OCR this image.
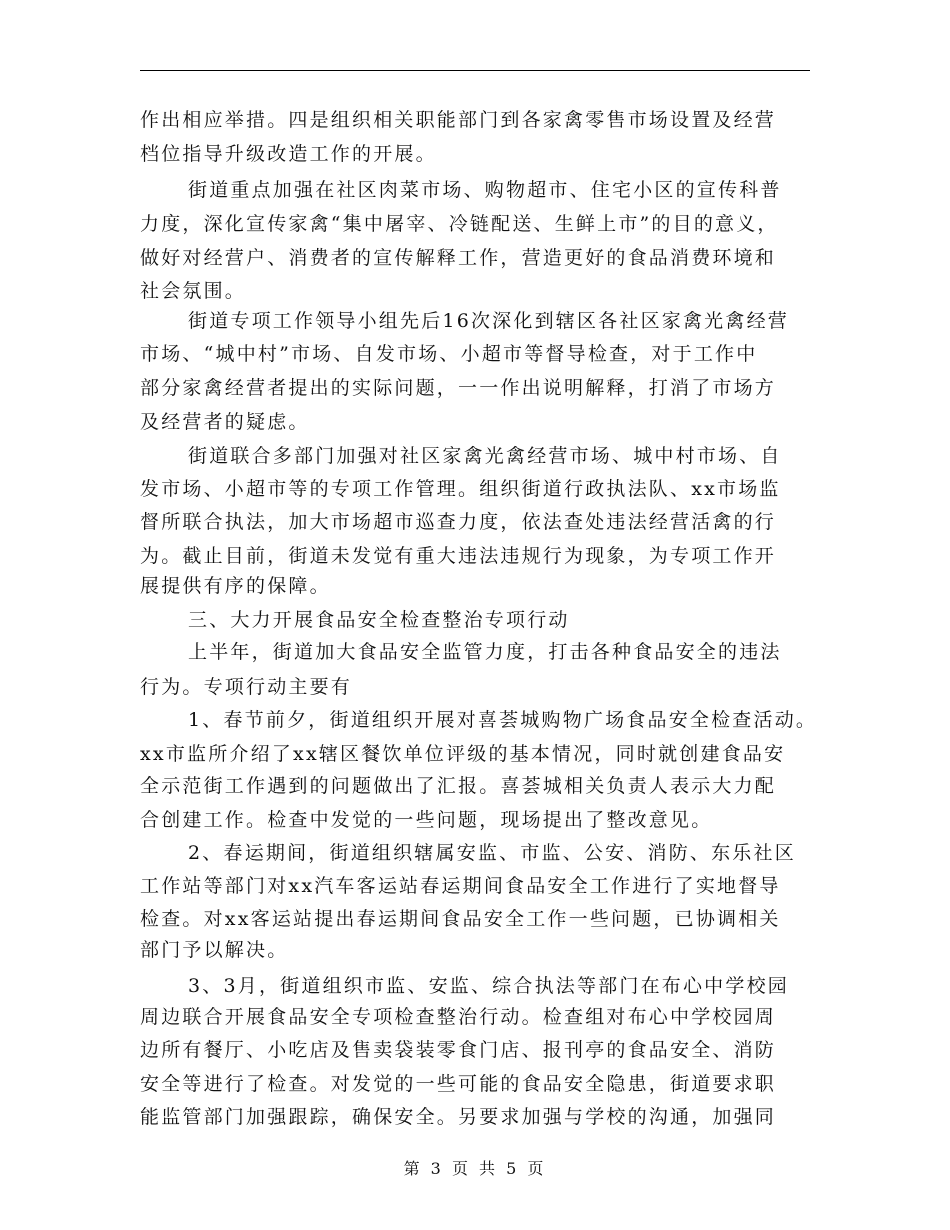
作出相应举措。四是组织相关职能部门到各家禽零售市场设置及经营
档位指导升级改造工作的开展。
街道重点加强在社区肉菜市场、购物超市、住宅小区的宣传科普
力度，深化宣传家禽“集中屠宰、冷链配送、生鲜上市”的目的意义，
做好对经营户、消费者的宣传解释工作，营造更好的食品消费环境和
社会氛围。
街道专项工作领导小组先后16次深化到辖区各社区家禽光禽经营
市场、“城中村”市场、自发市场、小超市等督导检查，对于工作中
部分家禽经营者提出的实际问题，一一作出说明解释，打消了市场方
及经营者的疑虑。
街道联合多部门加强对社区家禽光禽经营市场、城中村市场、自
发市场、小超市等的专项工作管理。组织街道行政执法队、xx市场监
督所联合执法，加大市场超市巡查力度，依法查处违法经营活禽的行
为。截止目前，街道未发觉有重大违法违规行为现象，为专项工作开
展提供有序的保障。
三、大力开展食品安全检查整治专项行动
上半年，街道加大食品安全监管力度，打击各种食品安全的违法
行为。专项行动主要有
1、春节前夕，街道组织开展对喜荟城购物广场食品安全检查活动。
xx市监所介绍了xx辖区餐饮单位评级的基本情况，同时就创建食品安
全示范街工作遇到的问题做出了汇报。喜荟城相关负责人表示大力配
合创建工作。检查中发觉的一些问题，现场提出了整改意见。
2、春运期间，街道组织辖属安监、市监、公安、消防、东乐社区
工作站等部门对xx汽车客运站春运期间食品安全工作进行了实地督导
检查。对xx客运站提出春运期间食品安全工作一些问题，已协调相关
部门予以解决。
3、3月，街道组织市监、安监、综合执法等部门在布心中学校园
周边联合开展食品安全专项检查整治行动。检查组对布心中学校园周
边所有餐厅、小吃店及售卖袋装零食门店、报刊亭的食品安全、消防
安全等进行了检查。对发觉的一些可能的食品安全隐患，街道要求职
能监管部门加强跟踪，确保安全。另要求加强与学校的沟通，加强同
第 3 页 共 5 页
